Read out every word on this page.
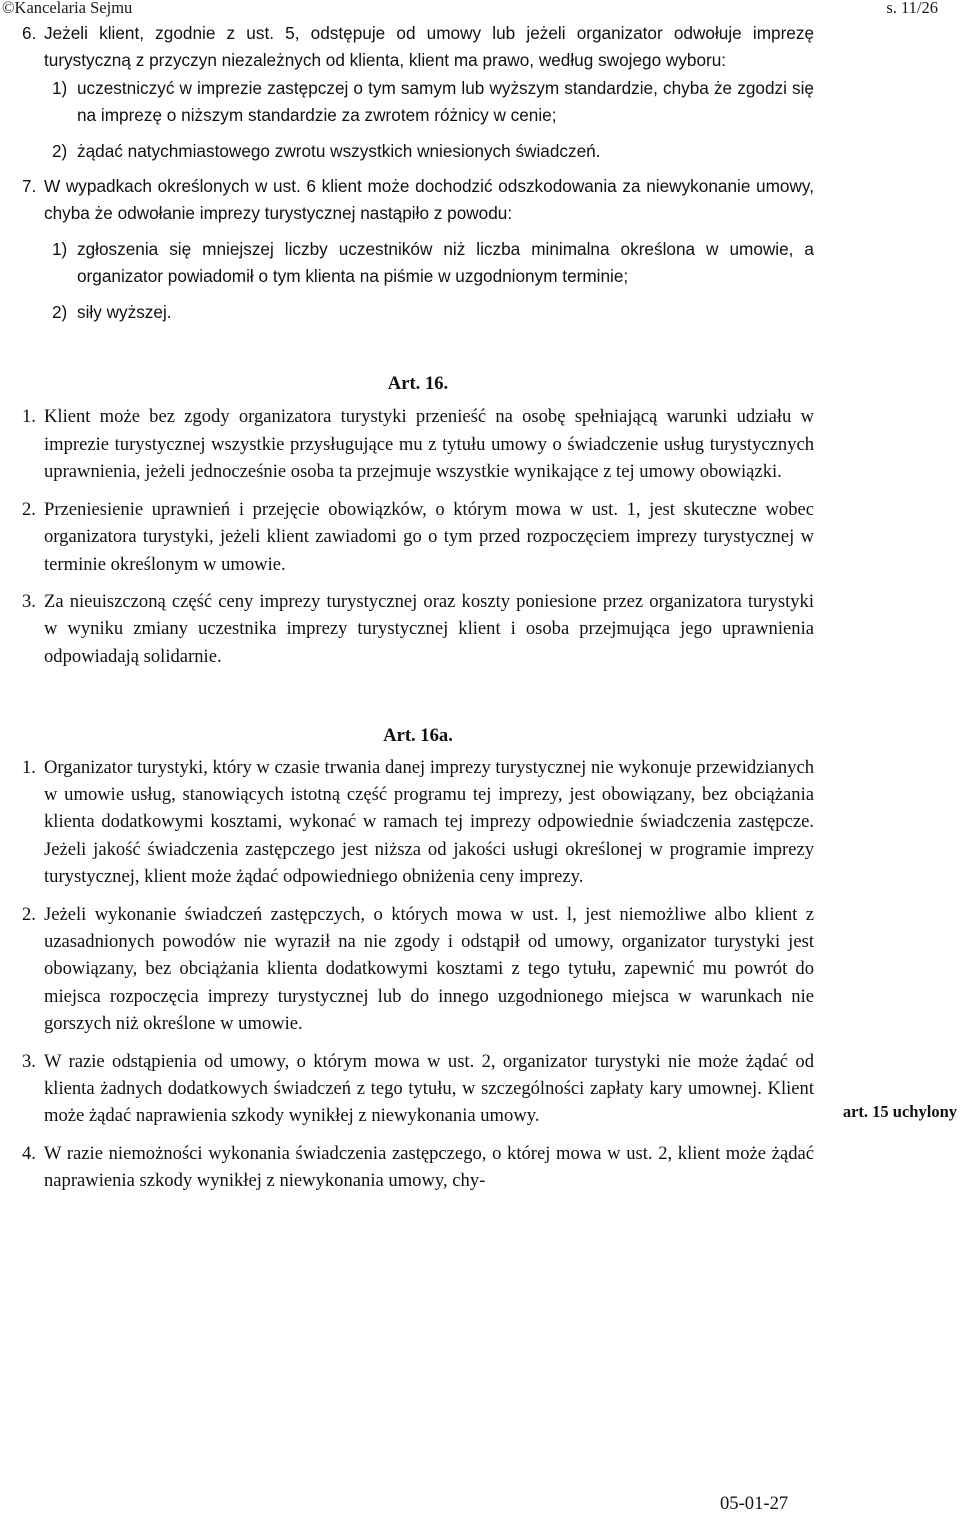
©Kancelaria Sejmu	s. 11/26

6. Jeżeli klient, zgodnie z ust. 5, odstępuje od umowy lub jeżeli organizator odwołuje imprezę turystyczną z przyczyn niezależnych od klienta, klient ma prawo, według swojego wyboru:

1) uczestniczyć w imprezie zastępczej o tym samym lub wyższym standardzie, chyba że zgodzi się na imprezę o niższym standardzie za zwrotem różnicy w cenie;

2) żądać natychmiastowego zwrotu wszystkich wniesionych świadczeń.

7. W wypadkach określonych w ust. 6 klient może dochodzić odszkodowania za niewykonanie umowy, chyba że odwołanie imprezy turystycznej nastąpiło z powodu:

1) zgłoszenia się mniejszej liczby uczestników niż liczba minimalna określona w umowie, a organizator powiadomił o tym klienta na piśmie w uzgodnionym terminie;

2) siły wyższej.

Art. 16.

1. Klient może bez zgody organizatora turystyki przenieść na osobę spełniającą warunki udziału w imprezie turystycznej wszystkie przysługujące mu z tytułu umowy o świadczenie usług turystycznych uprawnienia, jeżeli jednocześnie osoba ta przejmuje wszystkie wynikające z tej umowy obowiązki.

2. Przeniesienie uprawnień i przejęcie obowiązków, o którym mowa w ust. 1, jest skuteczne wobec organizatora turystyki, jeżeli klient zawiadomi go o tym przed rozpoczęciem imprezy turystycznej w terminie określonym w umowie.

3. Za nieuiszczoną część ceny imprezy turystycznej oraz koszty poniesione przez organizatora turystyki w wyniku zmiany uczestnika imprezy turystycznej klient i osoba przejmująca jego uprawnienia odpowiadają solidarnie.

Art. 16a.

1. Organizator turystyki, który w czasie trwania danej imprezy turystycznej nie wykonuje przewidzianych w umowie usług, stanowiących istotną część programu tej imprezy, jest obowiązany, bez obciążania klienta dodatkowymi kosztami, wykonać w ramach tej imprezy odpowiednie świadczenia zastępcze. Jeżeli jakość świadczenia zastępczego jest niższa od jakości usługi określonej w programie imprezy turystycznej, klient może żądać odpowiedniego obniżenia ceny imprezy.

2. Jeżeli wykonanie świadczeń zastępczych, o których mowa w ust. l, jest niemożliwe albo klient z uzasadnionych powodów nie wyraził na nie zgody i odstąpił od umowy, organizator turystyki jest obowiązany, bez obciążania klienta dodatkowymi kosztami z tego tytułu, zapewnić mu powrót do miejsca rozpoczęcia imprezy turystycznej lub do innego uzgodnionego miejsca w warunkach nie gorszych niż określone w umowie.

3. W razie odstąpienia od umowy, o którym mowa w ust. 2, organizator turystyki nie może żądać od klienta żadnych dodatkowych świadczeń z tego tytułu, w szczególności zapłaty kary umownej. Klient może żądać naprawienia szkody wynikłej z niewykonania umowy.

4. W razie niemożności wykonania świadczenia zastępczego, o której mowa w ust. 2, klient może żądać naprawienia szkody wynikłej z niewykonania umowy, chy-

art. 15 uchylony
05-01-27
